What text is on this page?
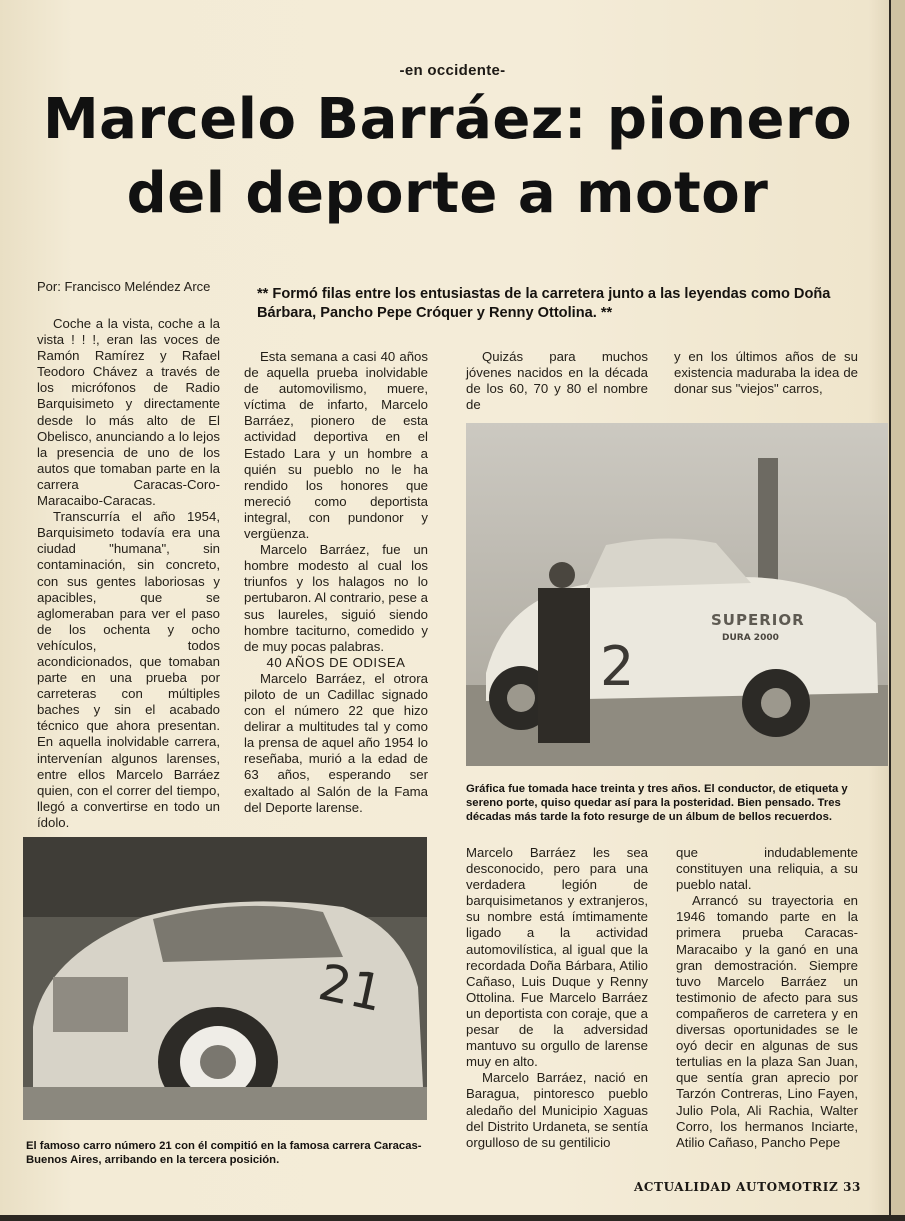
-en occidente-
Marcelo Barráez: pionero
del deporte a motor
Por: Francisco Meléndez Arce	** Formó filas entre los entusiastas de la carretera junto a las leyendas como Doña
Bárbara, Pancho Pepe Cróquer y Renny Ottolina. **

Coche a la vista, coche a la vista ! ! !, eran las voces de Ramón Ramírez y Rafael Teodoro Chávez a través de los micrófonos de Radio Barquisimeto y directamente desde lo más alto de El Obelisco, anunciando a lo lejos la presencia de uno de los autos que tomaban parte en la carrera Caracas-Coro-Maracaibo-Caracas.

Transcurría el año 1954, Barquisimeto todavía era una ciudad "humana", sin contaminación, sin concreto, con sus gentes laboriosas y apacibles, que se aglomeraban para ver el paso de los ochenta y ocho vehículos, todos acondicionados, que tomaban parte en una prueba por carreteras con múltiples baches y sin el acabado técnico que ahora presentan. En aquella inolvidable carrera, intervenían algunos larenses, entre ellos Marcelo Barráez quien, con el correr del tiempo, llegó a convertirse en todo un ídolo.

Esta semana a casi 40 años de aquella prueba inolvidable de automovilismo, muere, víctima de infarto, Marcelo Barráez, pionero de esta actividad deportiva en el Estado Lara y un hombre a quién su pueblo no le ha rendido los honores que mereció como deportista integral, con pundonor y vergüenza.

Marcelo Barráez, fue un hombre modesto al cual los triunfos y los halagos no lo pertubaron. Al contrario, pese a sus laureles, siguió siendo hombre taciturno, comedido y de muy pocas palabras.

40 AÑOS DE ODISEA

Marcelo Barráez, el otrora piloto de un Cadillac signado con el número 22 que hizo delirar a multitudes tal y como la prensa de aquel año 1954 lo reseñaba, murió a la edad de 63 años, esperando ser exaltado al Salón de la Fama del Deporte larense.

Quizás para muchos jóvenes nacidos en la década de los 60, 70 y 80 el nombre de

y en los últimos años de su existencia maduraba la idea de donar sus "viejos" carros,

SUPERIOR
DURA 2000
2
Gráfica fue tomada hace treinta y tres años. El conductor, de etiqueta y sereno porte, quiso quedar así para la posteridad. Bien pensado. Tres décadas más tarde la foto resurge de un álbum de bellos recuerdos.
21
El famoso carro número 21 con él compitió en la famosa carrera Caracas-Buenos Aires, arribando en la tercera posición.

Marcelo Barráez les sea desconocido, pero para una verdadera legión de barquisimetanos y extranjeros, su nombre está ímtimamente ligado a la actividad automovilística, al igual que la recordada Doña Bárbara, Atilio Cañaso, Luis Duque y Renny Ottolina. Fue Marcelo Barráez un deportista con coraje, que a pesar de la adversidad mantuvo su orgullo de larense muy en alto.

Marcelo Barráez, nació en Baragua, pintoresco pueblo aledaño del Municipio Xaguas del Distrito Urdaneta, se sentía orgulloso de su gentilicio

que indudablemente constituyen una reliquia, a su pueblo natal.

Arrancó su trayectoria en 1946 tomando parte en la primera prueba Caracas-Maracaibo y la ganó en una gran demostración. Siempre tuvo Marcelo Barráez un testimonio de afecto para sus compañeros de carretera y en diversas oportunidades se le oyó decir en algunas de sus tertulias en la plaza San Juan, que sentía gran aprecio por Tarzón Contreras, Lino Fayen, Julio Pola, Ali Rachia, Walter Corro, los hermanos Inciarte, Atilio Cañaso, Pancho Pepe

ACTUALIDAD AUTOMOTRIZ 33
